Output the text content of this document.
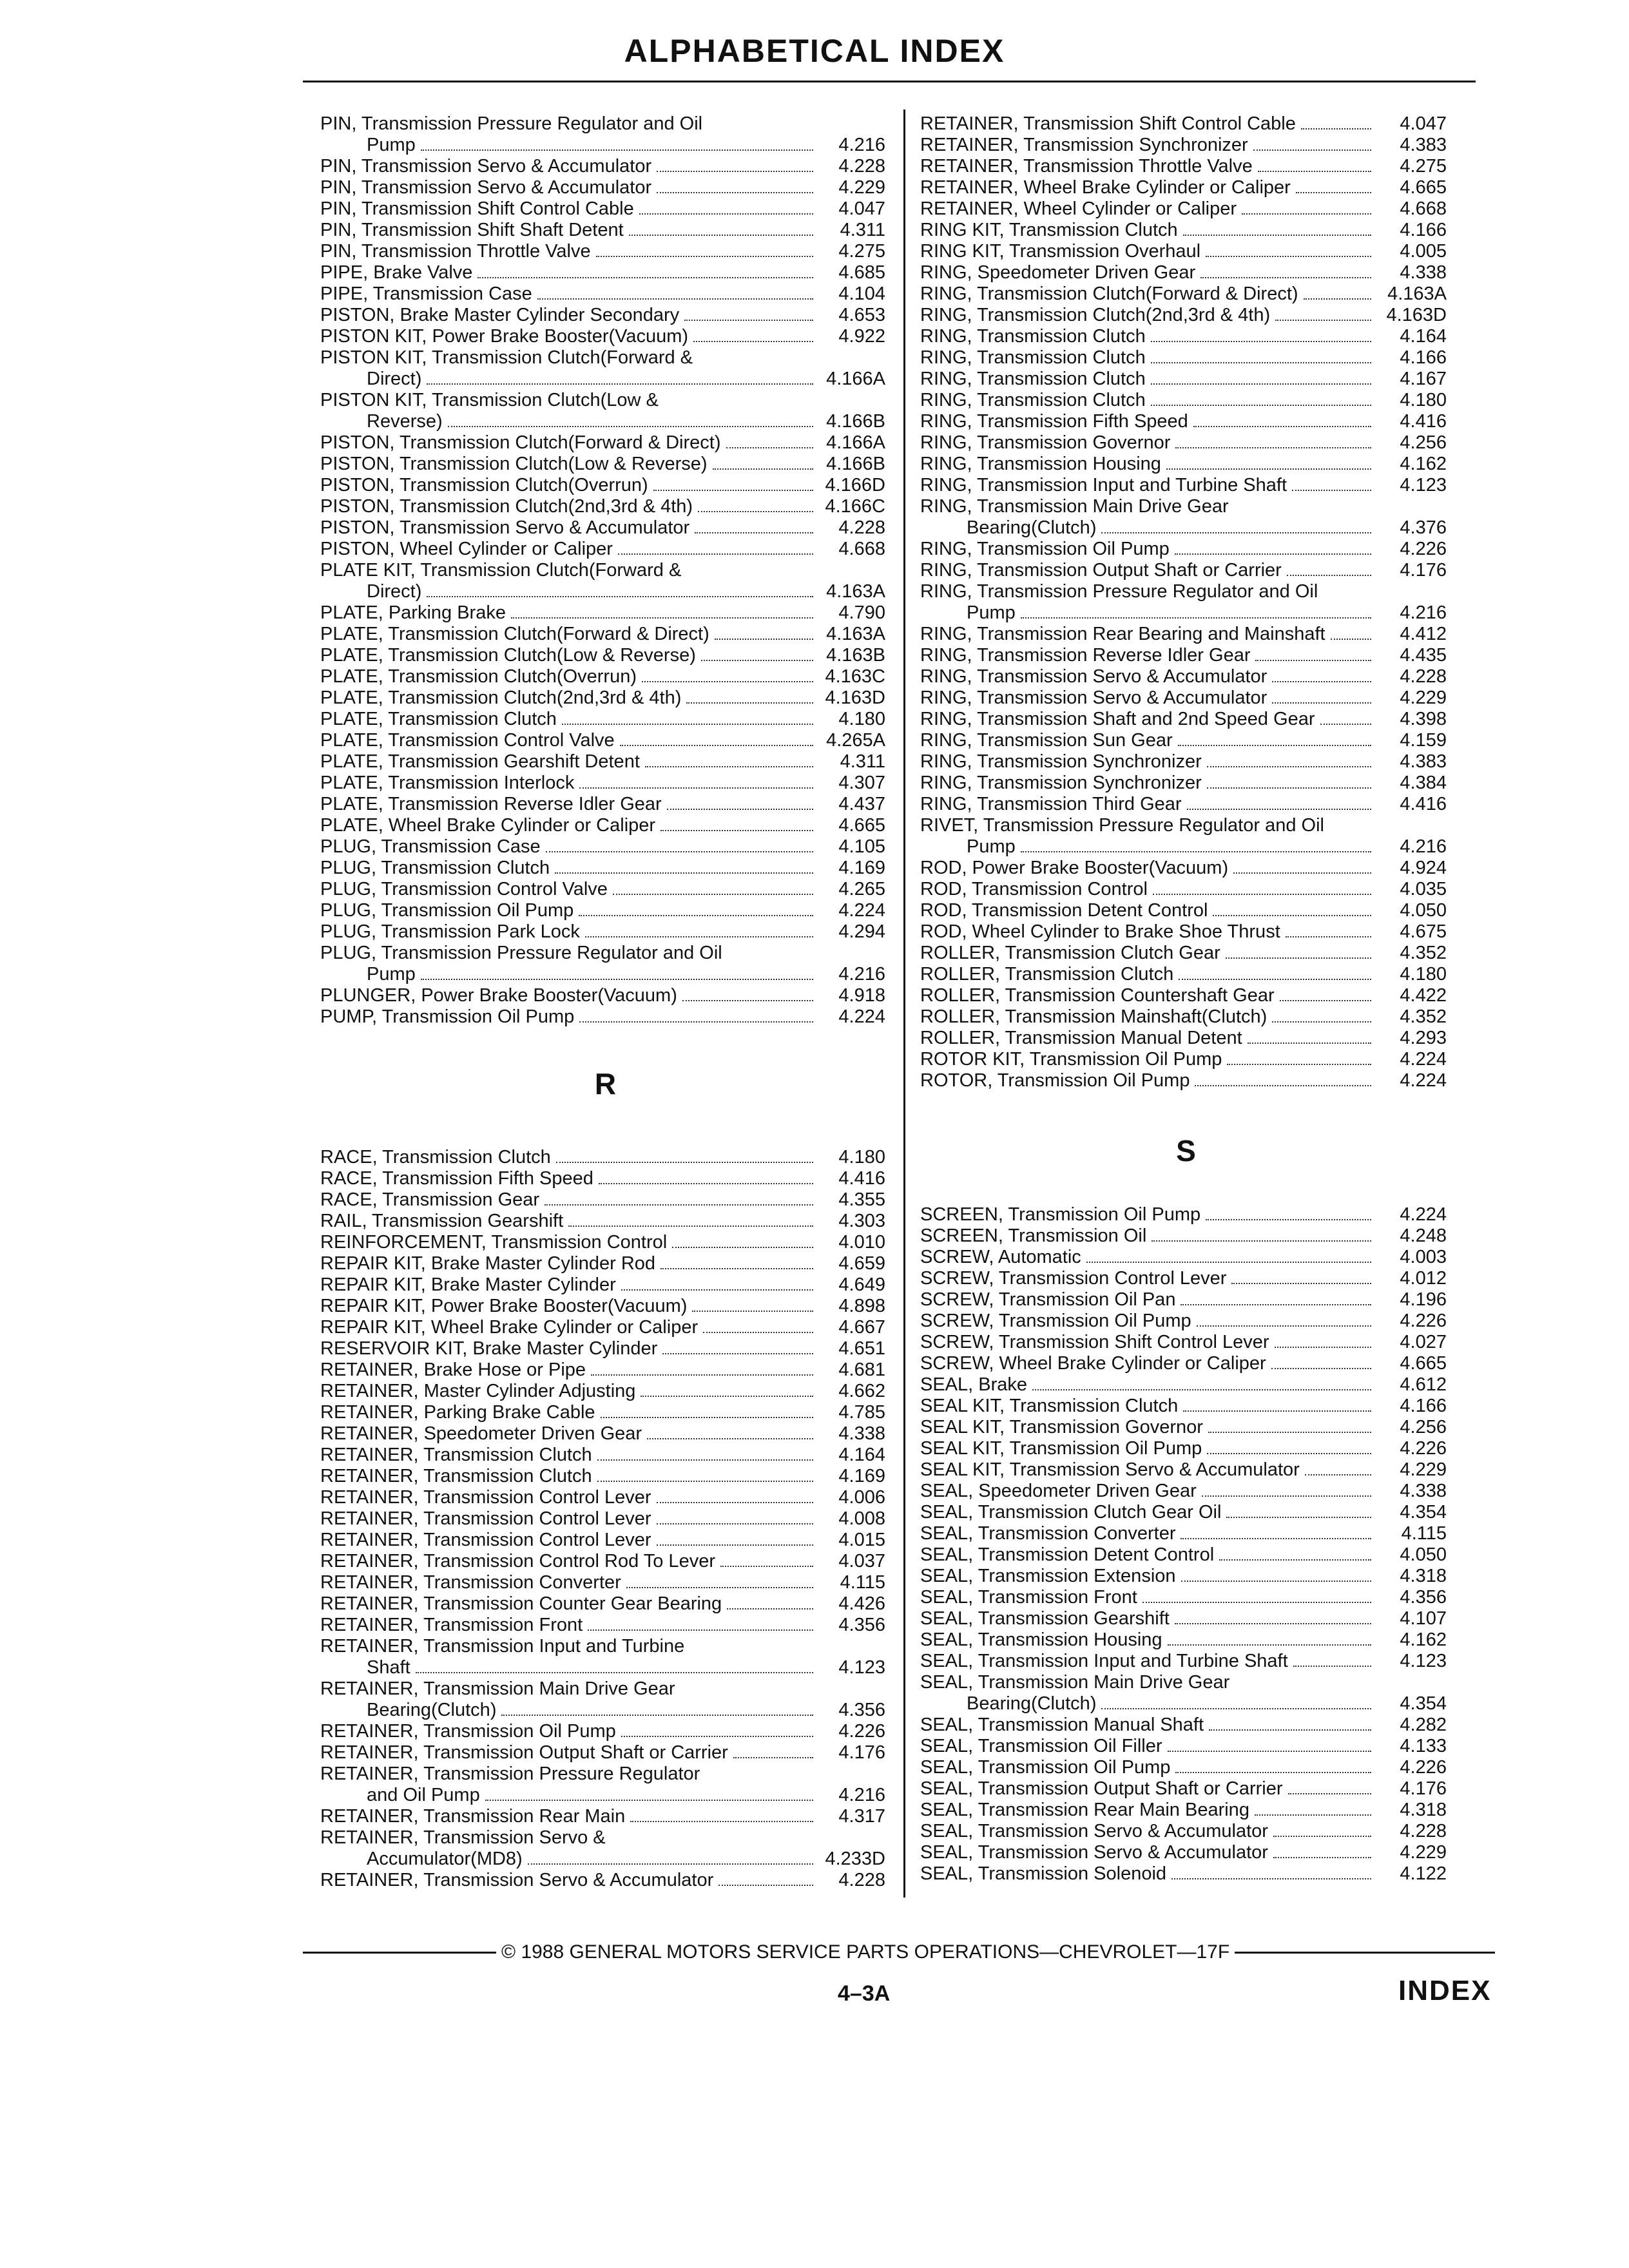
ALPHABETICAL INDEX
PIN, Transmission Pressure Regulator and Oil
Pump	4.216
PIN, Transmission Servo & Accumulator	4.228
PIN, Transmission Servo & Accumulator	4.229
PIN, Transmission Shift Control Cable	4.047
PIN, Transmission Shift Shaft Detent	4.311
PIN, Transmission Throttle Valve	4.275
PIPE, Brake Valve	4.685
PIPE, Transmission Case	4.104
PISTON, Brake Master Cylinder Secondary	4.653
PISTON KIT, Power Brake Booster(Vacuum)	4.922
PISTON KIT, Transmission Clutch(Forward &
Direct)	4.166A
PISTON KIT, Transmission Clutch(Low &
Reverse)	4.166B
PISTON, Transmission Clutch(Forward & Direct)	4.166A
PISTON, Transmission Clutch(Low & Reverse)	4.166B
PISTON, Transmission Clutch(Overrun)	4.166D
PISTON, Transmission Clutch(2nd,3rd & 4th)	4.166C
PISTON, Transmission Servo & Accumulator	4.228
PISTON, Wheel Cylinder or Caliper	4.668
PLATE KIT, Transmission Clutch(Forward &
Direct)	4.163A
PLATE, Parking Brake	4.790
PLATE, Transmission Clutch(Forward & Direct)	4.163A
PLATE, Transmission Clutch(Low & Reverse)	4.163B
PLATE, Transmission Clutch(Overrun)	4.163C
PLATE, Transmission Clutch(2nd,3rd & 4th)	4.163D
PLATE, Transmission Clutch	4.180
PLATE, Transmission Control Valve	4.265A
PLATE, Transmission Gearshift Detent	4.311
PLATE, Transmission Interlock	4.307
PLATE, Transmission Reverse Idler Gear	4.437
PLATE, Wheel Brake Cylinder or Caliper	4.665
PLUG, Transmission Case	4.105
PLUG, Transmission Clutch	4.169
PLUG, Transmission Control Valve	4.265
PLUG, Transmission Oil Pump	4.224
PLUG, Transmission Park Lock	4.294
PLUG, Transmission Pressure Regulator and Oil
Pump	4.216
PLUNGER, Power Brake Booster(Vacuum)	4.918
PUMP, Transmission Oil Pump	4.224
R
RACE, Transmission Clutch	4.180
RACE, Transmission Fifth Speed	4.416
RACE, Transmission Gear	4.355
RAIL, Transmission Gearshift	4.303
REINFORCEMENT, Transmission Control	4.010
REPAIR KIT, Brake Master Cylinder Rod	4.659
REPAIR KIT, Brake Master Cylinder	4.649
REPAIR KIT, Power Brake Booster(Vacuum)	4.898
REPAIR KIT, Wheel Brake Cylinder or Caliper	4.667
RESERVOIR KIT, Brake Master Cylinder	4.651
RETAINER, Brake Hose or Pipe	4.681
RETAINER, Master Cylinder Adjusting	4.662
RETAINER, Parking Brake Cable	4.785
RETAINER, Speedometer Driven Gear	4.338
RETAINER, Transmission Clutch	4.164
RETAINER, Transmission Clutch	4.169
RETAINER, Transmission Control Lever	4.006
RETAINER, Transmission Control Lever	4.008
RETAINER, Transmission Control Lever	4.015
RETAINER, Transmission Control Rod To Lever	4.037
RETAINER, Transmission Converter	4.115
RETAINER, Transmission Counter Gear Bearing	4.426
RETAINER, Transmission Front	4.356
RETAINER, Transmission Input and Turbine
Shaft	4.123
RETAINER, Transmission Main Drive Gear
Bearing(Clutch)	4.356
RETAINER, Transmission Oil Pump	4.226
RETAINER, Transmission Output Shaft or Carrier	4.176
RETAINER, Transmission Pressure Regulator
and Oil Pump	4.216
RETAINER, Transmission Rear Main	4.317
RETAINER, Transmission Servo &
Accumulator(MD8)	4.233D
RETAINER, Transmission Servo & Accumulator	4.228
RETAINER, Transmission Shift Control Cable	4.047
RETAINER, Transmission Synchronizer	4.383
RETAINER, Transmission Throttle Valve	4.275
RETAINER, Wheel Brake Cylinder or Caliper	4.665
RETAINER, Wheel Cylinder or Caliper	4.668
RING KIT, Transmission Clutch	4.166
RING KIT, Transmission Overhaul	4.005
RING, Speedometer Driven Gear	4.338
RING, Transmission Clutch(Forward & Direct)	4.163A
RING, Transmission Clutch(2nd,3rd & 4th)	4.163D
RING, Transmission Clutch	4.164
RING, Transmission Clutch	4.166
RING, Transmission Clutch	4.167
RING, Transmission Clutch	4.180
RING, Transmission Fifth Speed	4.416
RING, Transmission Governor	4.256
RING, Transmission Housing	4.162
RING, Transmission Input and Turbine Shaft	4.123
RING, Transmission Main Drive Gear
Bearing(Clutch)	4.376
RING, Transmission Oil Pump	4.226
RING, Transmission Output Shaft or Carrier	4.176
RING, Transmission Pressure Regulator and Oil
Pump	4.216
RING, Transmission Rear Bearing and Mainshaft	4.412
RING, Transmission Reverse Idler Gear	4.435
RING, Transmission Servo & Accumulator	4.228
RING, Transmission Servo & Accumulator	4.229
RING, Transmission Shaft and 2nd Speed Gear	4.398
RING, Transmission Sun Gear	4.159
RING, Transmission Synchronizer	4.383
RING, Transmission Synchronizer	4.384
RING, Transmission Third Gear	4.416
RIVET, Transmission Pressure Regulator and Oil
Pump	4.216
ROD, Power Brake Booster(Vacuum)	4.924
ROD, Transmission Control	4.035
ROD, Transmission Detent Control	4.050
ROD, Wheel Cylinder to Brake Shoe Thrust	4.675
ROLLER, Transmission Clutch Gear	4.352
ROLLER, Transmission Clutch	4.180
ROLLER, Transmission Countershaft Gear	4.422
ROLLER, Transmission Mainshaft(Clutch)	4.352
ROLLER, Transmission Manual Detent	4.293
ROTOR KIT, Transmission Oil Pump	4.224
ROTOR, Transmission Oil Pump	4.224
S
SCREEN, Transmission Oil Pump	4.224
SCREEN, Transmission Oil	4.248
SCREW, Automatic	4.003
SCREW, Transmission Control Lever	4.012
SCREW, Transmission Oil Pan	4.196
SCREW, Transmission Oil Pump	4.226
SCREW, Transmission Shift Control Lever	4.027
SCREW, Wheel Brake Cylinder or Caliper	4.665
SEAL, Brake	4.612
SEAL KIT, Transmission Clutch	4.166
SEAL KIT, Transmission Governor	4.256
SEAL KIT, Transmission Oil Pump	4.226
SEAL KIT, Transmission Servo & Accumulator	4.229
SEAL, Speedometer Driven Gear	4.338
SEAL, Transmission Clutch Gear Oil	4.354
SEAL, Transmission Converter	4.115
SEAL, Transmission Detent Control	4.050
SEAL, Transmission Extension	4.318
SEAL, Transmission Front	4.356
SEAL, Transmission Gearshift	4.107
SEAL, Transmission Housing	4.162
SEAL, Transmission Input and Turbine Shaft	4.123
SEAL, Transmission Main Drive Gear
Bearing(Clutch)	4.354
SEAL, Transmission Manual Shaft	4.282
SEAL, Transmission Oil Filler	4.133
SEAL, Transmission Oil Pump	4.226
SEAL, Transmission Output Shaft or Carrier	4.176
SEAL, Transmission Rear Main Bearing	4.318
SEAL, Transmission Servo & Accumulator	4.228
SEAL, Transmission Servo & Accumulator	4.229
SEAL, Transmission Solenoid	4.122
© 1988 GENERAL MOTORS SERVICE PARTS OPERATIONS—CHEVROLET—17F
4–3A	INDEX
